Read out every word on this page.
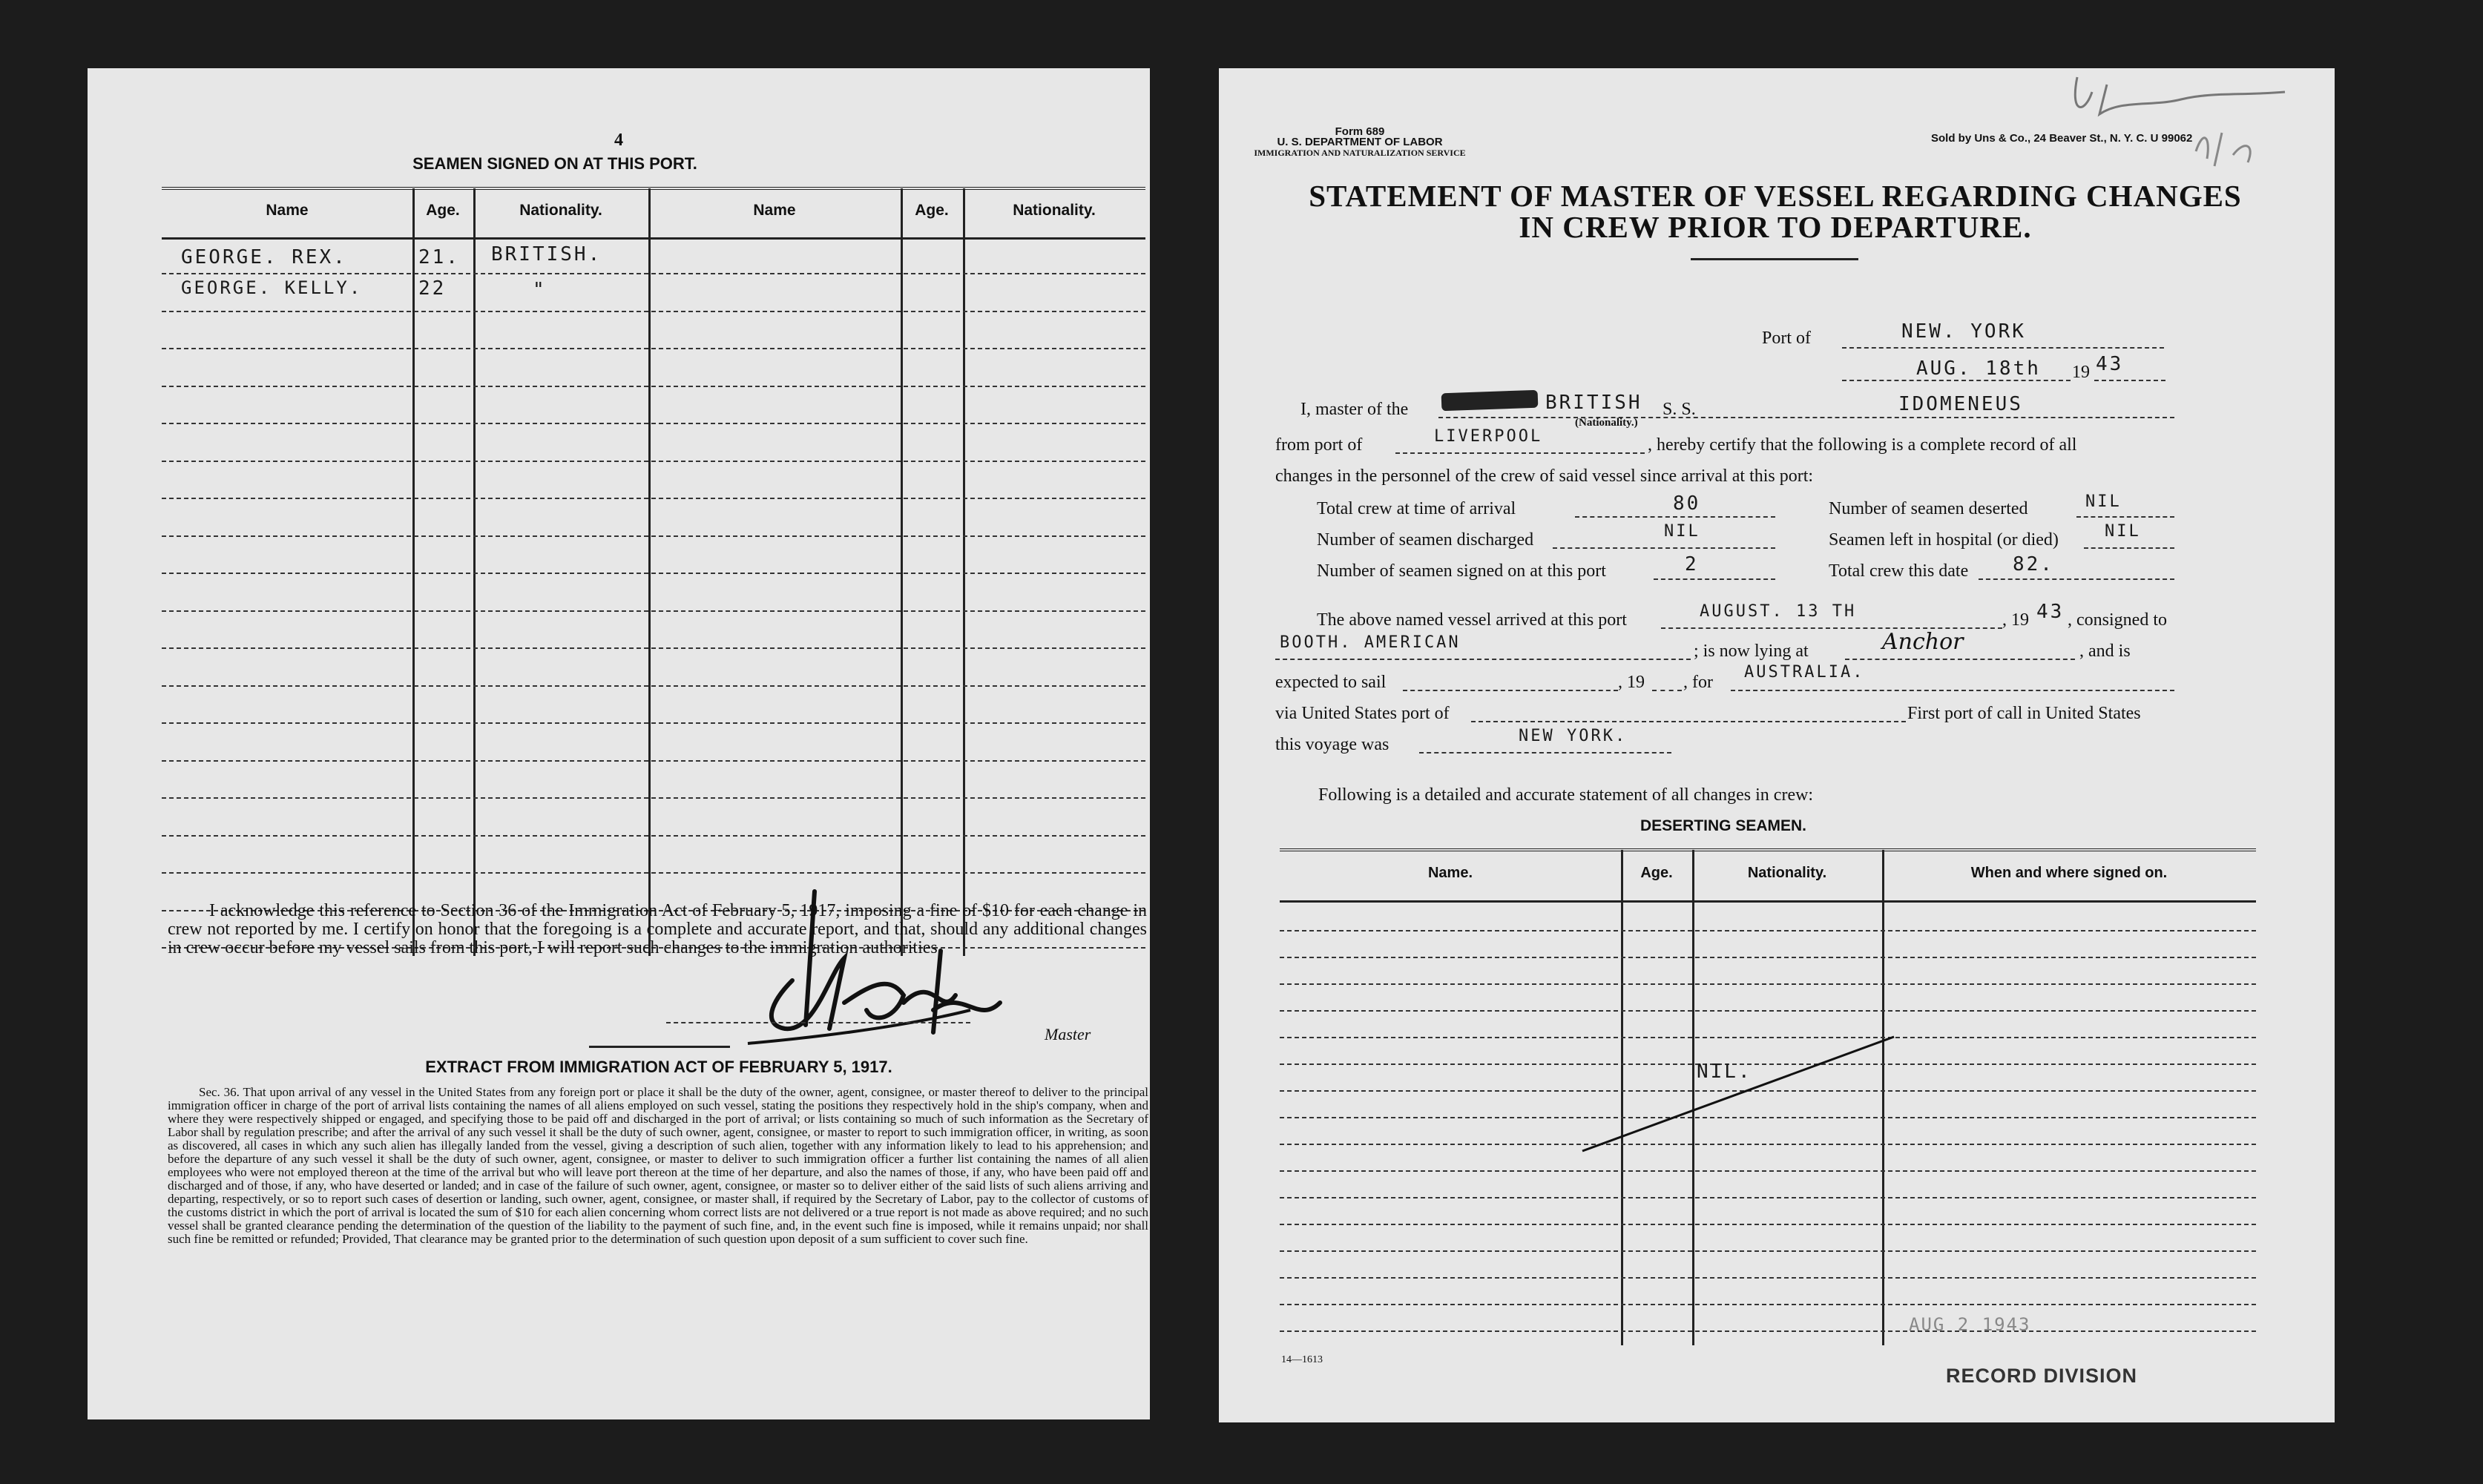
4
SEAMEN SIGNED ON AT THIS PORT.
Name	Age.	Nationality.	Name	Age.	Nationality.
GEORGE. REX.	21. BRITISH.
GEORGE. KELLY.	22	"
I acknowledge this reference to Section 36 of the Immigration Act of February 5, 1917, imposing a fine of $10 for each change in crew not reported by me. I certify on honor that the foregoing is a complete and accurate report, and that, should any additional changes in crew occur before my vessel sails from this port, I will report such changes to the immigration authorities.
Master
EXTRACT FROM IMMIGRATION ACT OF FEBRUARY 5, 1917.
Sec. 36. That upon arrival of any vessel in the United States from any foreign port or place it shall be the duty of the owner, agent, consignee, or master thereof to deliver to the principal immigration officer in charge of the port of arrival lists containing the names of all aliens employed on such vessel, stating the positions they respectively hold in the ship's company, when and where they were respectively shipped or engaged, and specifying those to be paid off and discharged in the port of arrival; or lists containing so much of such information as the Secretary of Labor shall by regulation prescribe; and after the arrival of any such vessel it shall be the duty of such owner, agent, consignee, or master to report to such immigration officer, in writing, as soon as discovered, all cases in which any such alien has illegally landed from the vessel, giving a description of such alien, together with any information likely to lead to his apprehension; and before the departure of any such vessel it shall be the duty of such owner, agent, consignee, or master to deliver to such immigration officer a further list containing the names of all alien employees who were not employed thereon at the time of the arrival but who will leave port thereon at the time of her departure, and also the names of those, if any, who have been paid off and discharged and of those, if any, who have deserted or landed; and in case of the failure of such owner, agent, consignee, or master so to deliver either of the said lists of such aliens arriving and departing, respectively, or so to report such cases of desertion or landing, such owner, agent, consignee, or master shall, if required by the Secretary of Labor, pay to the collector of customs of the customs district in which the port of arrival is located the sum of $10 for each alien concerning whom correct lists are not delivered or a true report is not made as above required; and no such vessel shall be granted clearance pending the determination of the question of the liability to the payment of such fine, and, in the event such fine is imposed, while it remains unpaid; nor shall such fine be remitted or refunded; Provided, That clearance may be granted prior to the determination of such question upon deposit of a sum sufficient to cover such fine.
Form 689
U. S. DEPARTMENT OF LABOR
IMMIGRATION AND NATURALIZATION SERVICE
Sold by Uns & Co., 24 Beaver St., N. Y. C. U 99062
STATEMENT OF MASTER OF VESSEL REGARDING CHANGES
IN CREW PRIOR TO DEPARTURE.
Port of	NEW. YORK
AUG. 18th 19 43
I, master of the	BRITISH
(Nationality.)
S. S.	IDOMENEUS
from port of	LIVERPOOL	, hereby certify that the following is a complete record of all
changes in the personnel of the crew of said vessel since arrival at this port:
Total crew at time of arrival	80	Number of seamen deserted	NIL
Number of seamen discharged	NIL	Seamen left in hospital (or died)	NIL
Number of seamen signed on at this port	2	Total crew this date 82.
The above named vessel arrived at this port	AUGUST. 13 TH	, 19 43 , consigned to
BOOTH. AMERICAN	; is now lying at	Anchor	, and is
expected to sail	, 19 , for
AUSTRALIA.
via United States port of	First port of call in United States
this voyage was	NEW YORK.
Following is a detailed and accurate statement of all changes in crew:
DESERTING SEAMEN.
Name.	Age.	Nationality.	When and where signed on.
NIL.
AUG 2 1943
14—1613
RECORD DIVISION
